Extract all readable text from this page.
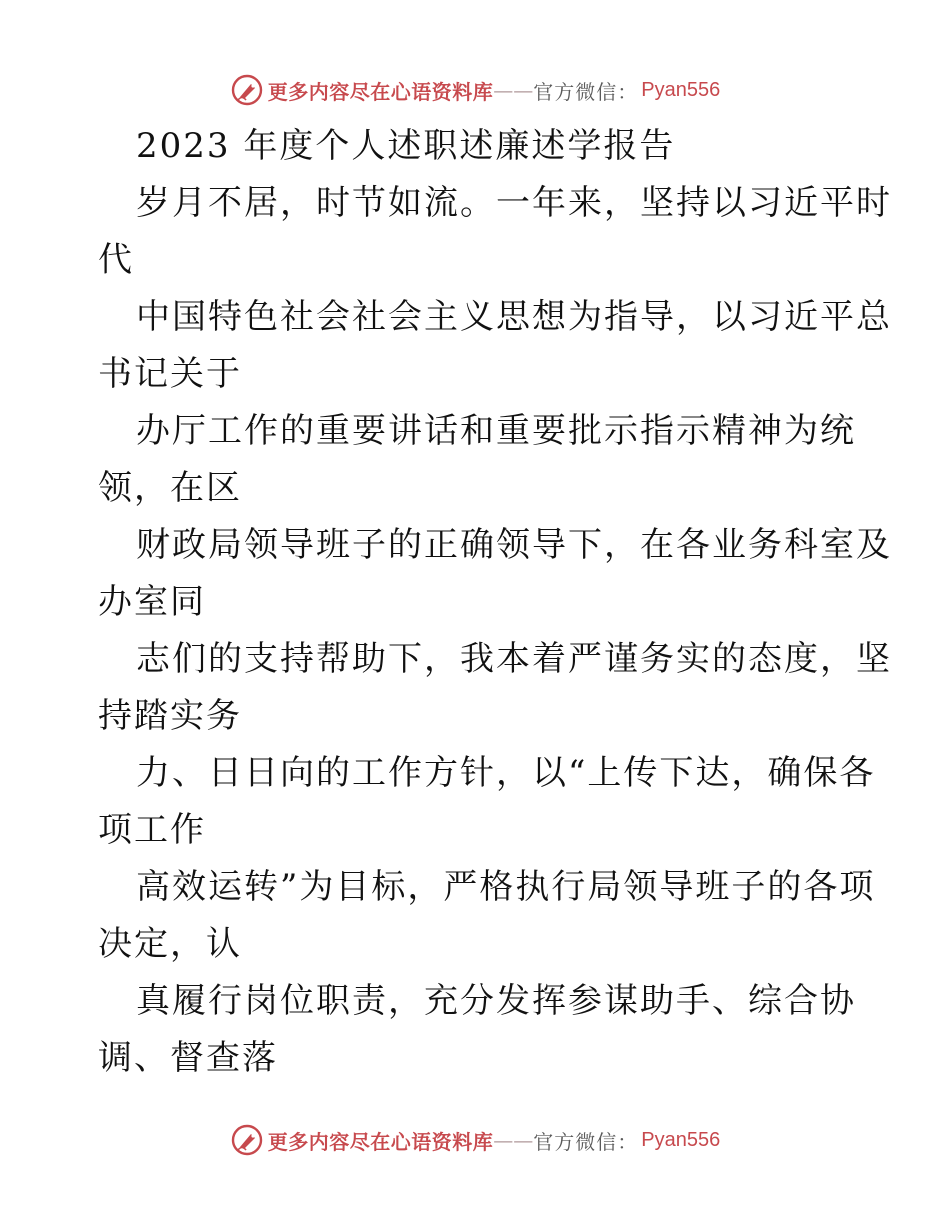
更多内容尽在心语资料库 —— 官方微信 ： Pyan556
2023 年度个人述职述廉述学报告
岁月不居，时节如流。一年来，坚持以习近平时
代
中国特色社会社会主义思想为指导，以习近平总
书记关于
办厅工作的重要讲话和重要批示指示精神为统
领，在区
财政局领导班子的正确领导下，在各业务科室及
办室同
志们的支持帮助下，我本着严谨务实的态度，坚
持踏实务
力、日日向的工作方针，以“上传下达，确保各
项工作
高效运转”为目标，严格执行局领导班子的各项
决定，认
真履行岗位职责，充分发挥参谋助手、综合协
调、督查落
更多内容尽在心语资料库 —— 官方微信 ： Pyan556
